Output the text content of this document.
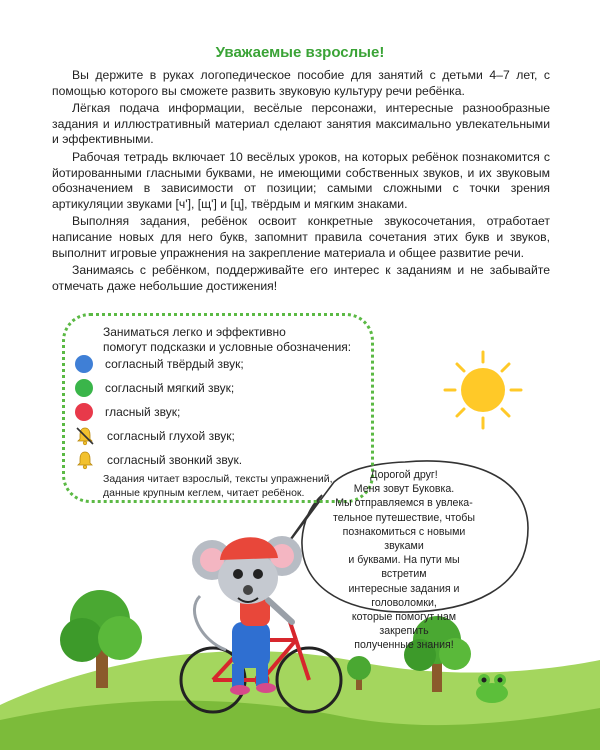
Уважаемые взрослые!

Вы держите в руках логопедическое пособие для занятий с детьми 4–7 лет, с помощью которого вы сможете развить звуковую культуру речи ребёнка.

Лёгкая подача информации, весёлые персонажи, интересные разнообразные задания и иллюстративный материал сделают занятия максимально увлекательными и эффективными.

Рабочая тетрадь включает 10 весёлых уроков, на которых ребёнок познакомится с йотированными гласными буквами, не имеющими собственных звуков, и их звуковым обозначением в зависимости от позиции; самыми сложными с точки зрения артикуляции звуками [ч'], [щ'] и [ц], твёрдым и мягким знаками.

Выполняя задания, ребёнок освоит конкретные звукосочетания, отработает написание новых для него букв, запомнит правила сочетания этих букв и звуков, выполнит игровые упражнения на закрепление материала и общее развитие речи.

Занимаясь с ребёнком, поддерживайте его интерес к заданиям и не забывайте отмечать даже небольшие достижения!

Заниматься легко и эффективно
помогут подсказки и условные обозначения:
согласный твёрдый звук;
согласный мягкий звук;
гласный звук;
согласный глухой звук;
согласный звонкий звук.
Задания читает взрослый, тексты упражнений,
данные крупным кеглем, читает ребёнок.
Дорогой друг!
Меня зовут Буковка.
Мы отправляемся в увлека-
тельное путешествие, чтобы
познакомиться с новыми звуками
и буквами. На пути мы встретим
интересные задания и головоломки,
которые помогут нам закрепить
полученные знания!
